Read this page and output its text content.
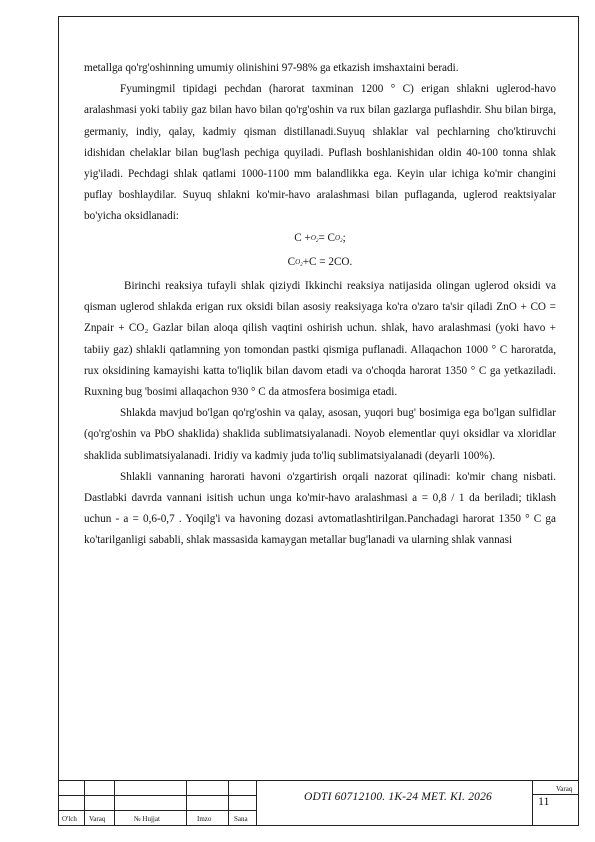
metallga qo'rg'oshinning umumiy olinishini 97-98% ga etkazish imshaxtaini beradi.

Fyumingmil tipidagi pechdan (harorat taxminan 1200 ° C) erigan shlakni uglerod-havo aralashmasi yoki tabiiy gaz bilan havo bilan qo'rg'oshin va rux bilan gazlarga puflashdir. Shu bilan birga, germaniy, indiy, qalay, kadmiy qisman distillanadi.Suyuq shlaklar val pechlarning cho'ktiruvchi idishidan chelaklar bilan bug'lash pechiga quyiladi. Puflash boshlanishidan oldin 40-100 tonna shlak yig'iladi. Pechdagi shlak qatlami 1000-1100 mm balandlikka ega. Keyin ular ichiga ko'mir changini puflay boshlaydilar. Suyuq shlakni ko'mir-havo aralashmasi bilan puflaganda, uglerod reaktsiyalar bo'yicha oksidlanadi:

$C +O_2= CO_2$;
$CO_2+C = 2CO$.

Birinchi reaksiya tufayli shlak qiziydi Ikkinchi reaksiya natijasida olingan uglerod oksidi va qisman uglerod shlakda erigan rux oksidi bilan asosiy reaksiyaga ko'ra o'zaro ta'sir qiladi ZnO + CO = Znpair + CO₂ Gazlar bilan aloqa qilish vaqtini oshirish uchun. shlak, havo aralashmasi (yoki havo + tabiiy gaz) shlakli qatlamning yon tomondan pastki qismiga puflanadi. Allaqachon 1000 ° C haroratda, rux oksidining kamayishi katta to'liqlik bilan davom etadi va o'choqda harorat 1350 ° C ga yetkaziladi. Ruxning bug 'bosimi allaqachon 930 ° C da atmosfera bosimiga etadi.

Shlakda mavjud bo'lgan qo'rg'oshin va qalay, asosan, yuqori bug' bosimiga ega bo'lgan sulfidlar (qo'rg'oshin va PbO shaklida) shaklida sublimatsiyalanadi. Noyob elementlar quyi oksidlar va xloridlar shaklida sublimatsiyalanadi. Iridiy va kadmiy juda to'liq sublimatsiyalanadi (deyarli 100%).

Shlakli vannaning harorati havoni o'zgartirish orqali nazorat qilinadi: ko'mir chang nisbati. Dastlabki davrda vannani isitish uchun unga ko'mir-havo aralashmasi a = 0,8 / 1 da beriladi; tiklash uchun - a = 0,6-0,7 . Yoqilg'i va havoning dozasi avtomatlashtirilgan.Panchadagi harorat 1350 ° C ga ko'tarilganligi sababli, shlak massasida kamaygan metallar bug'lanadi va ularning shlak vannasi

O'lch Varaq	№ Hujjat	Imzo	Sana
ODTI 60712100. 1K-24 MET. KI. 2026
Varaq
11
